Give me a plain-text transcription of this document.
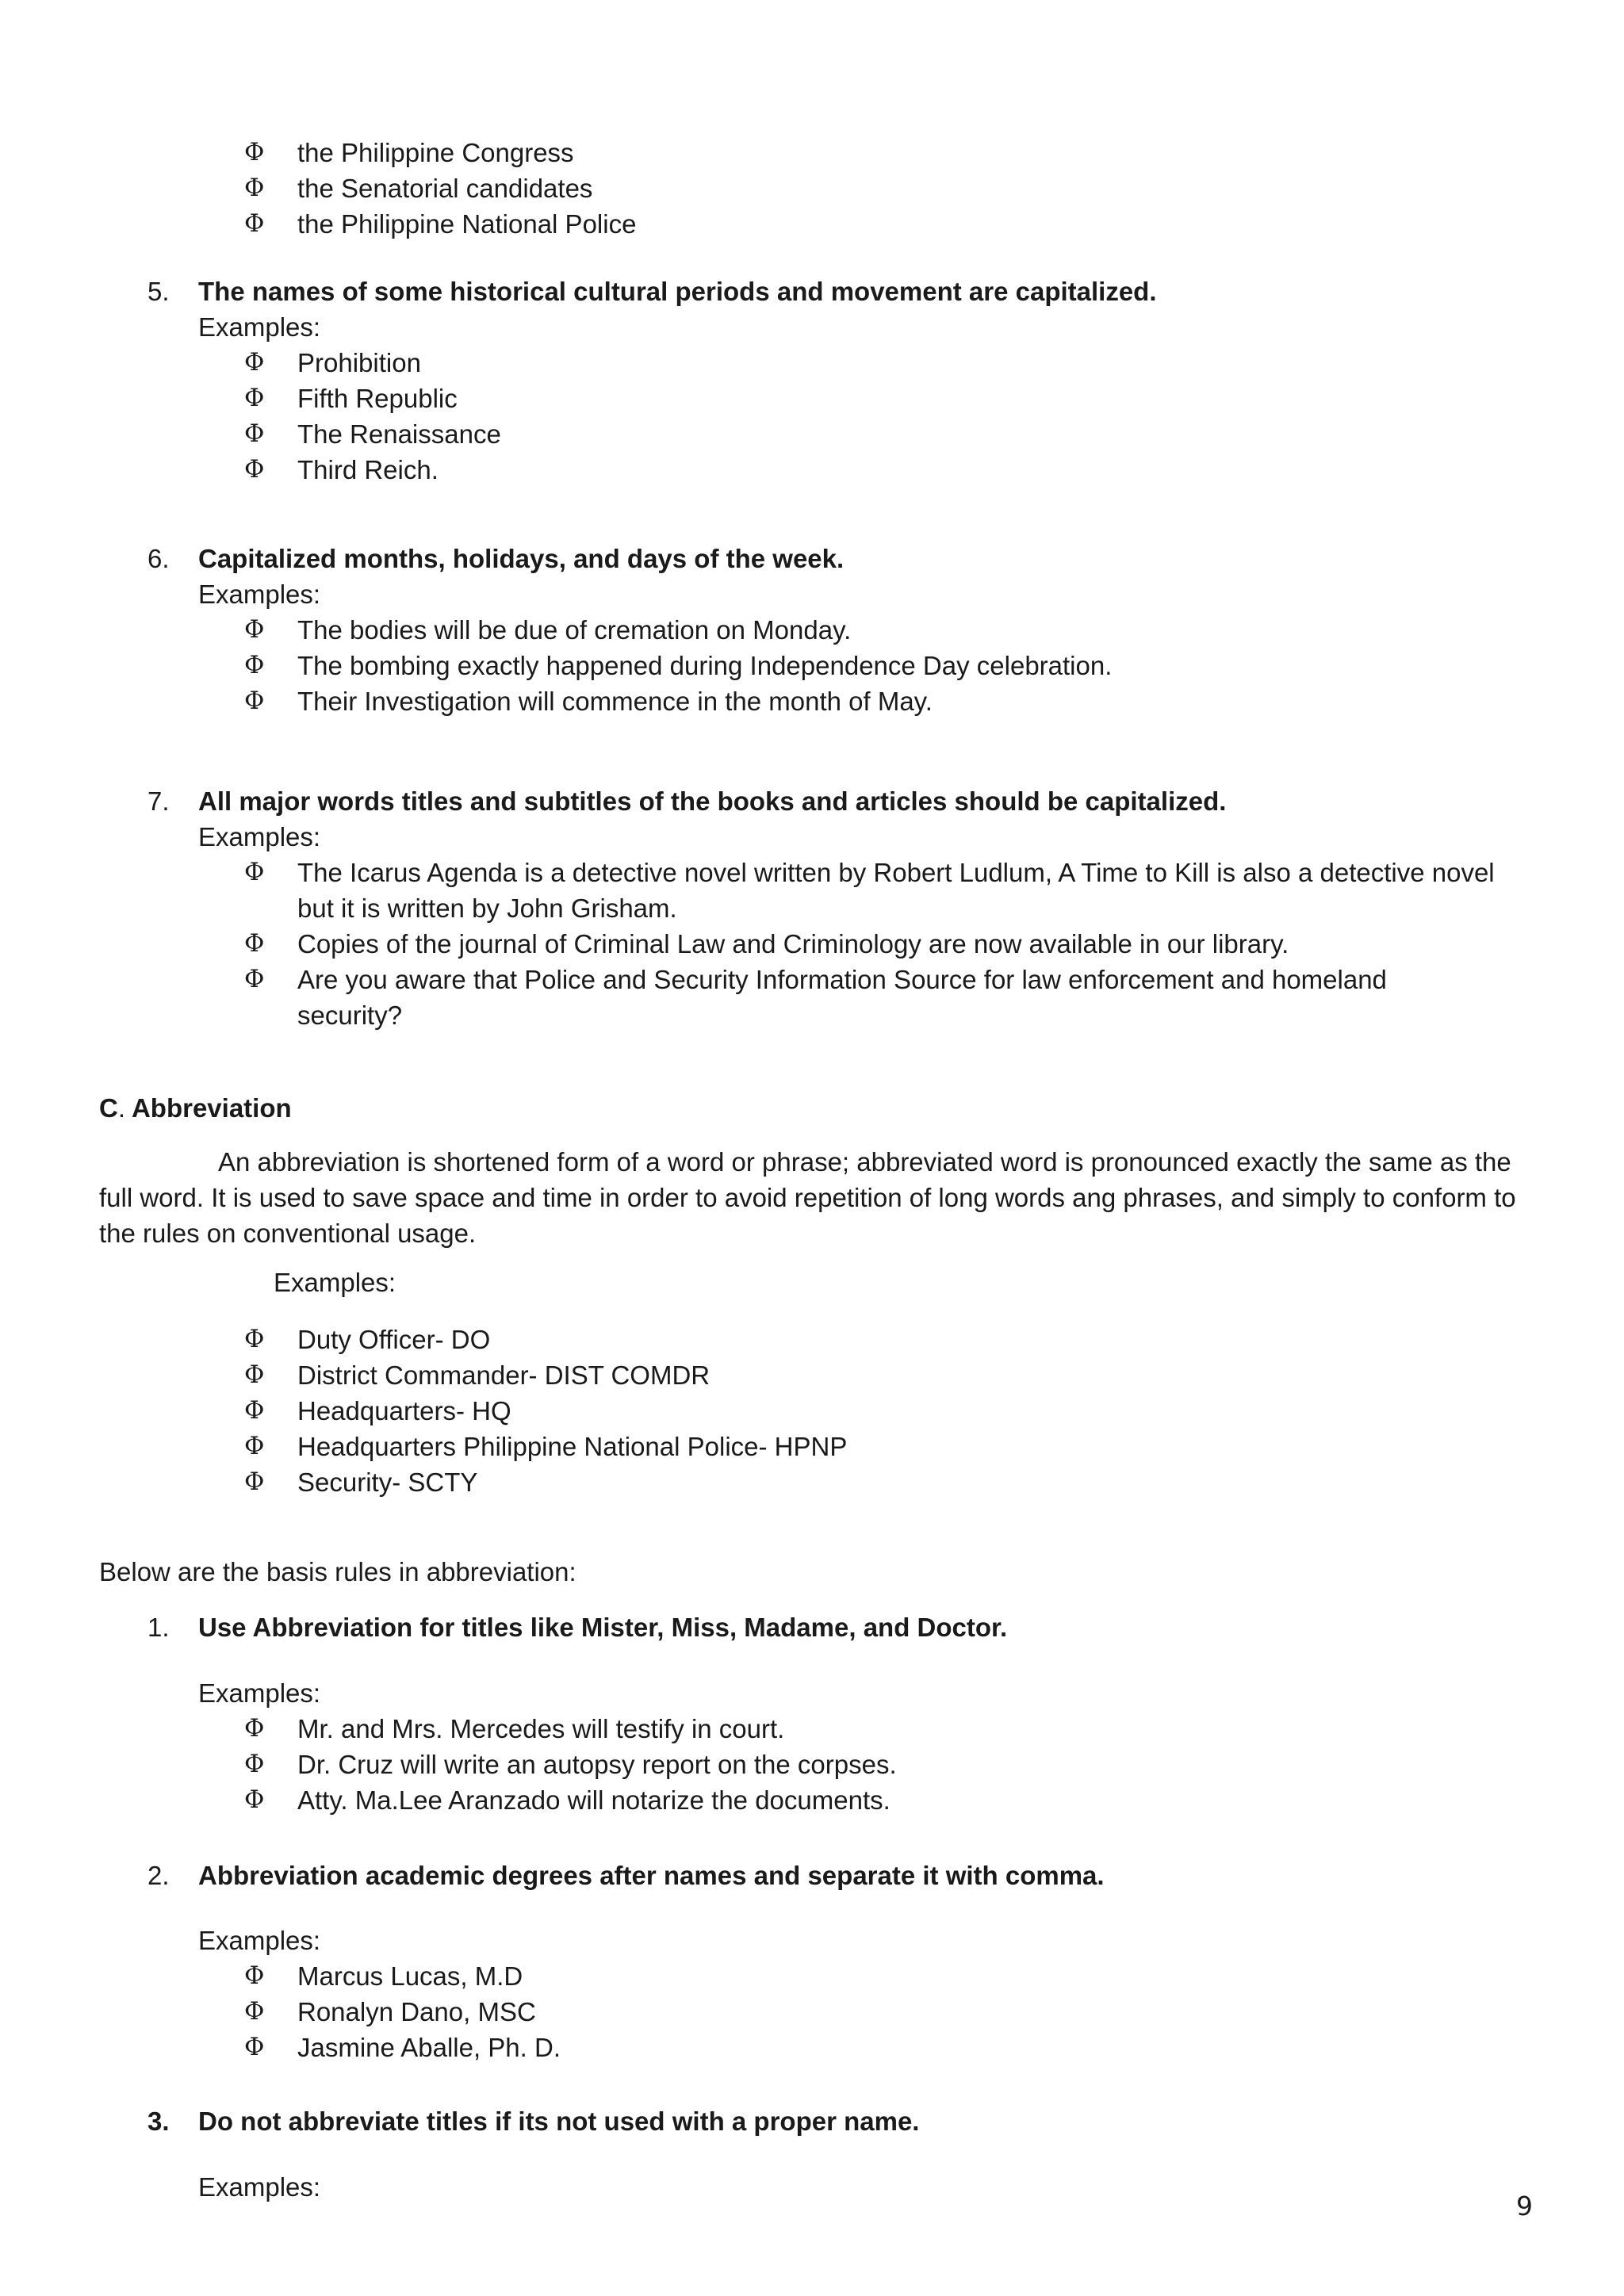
Φ the Philippine Congress
Φ the Senatorial candidates
Φ the Philippine National Police
5. The names of some historical cultural periods and movement are capitalized.
Examples:
Φ Prohibition
Φ Fifth Republic
Φ The Renaissance
Φ Third Reich.
6. Capitalized months, holidays, and days of the week.
Examples:
Φ The bodies will be due of cremation on Monday.
Φ The bombing exactly happened during Independence Day celebration.
Φ Their Investigation will commence in the month of May.
7. All major words titles and subtitles of the books and articles should be capitalized.
Examples:
Φ The Icarus Agenda is a detective novel written by Robert Ludlum, A Time to Kill is also a detective novel but it is written by John Grisham.
Φ Copies of the journal of Criminal Law and Criminology are now available in our library.
Φ Are you aware that Police and Security Information Source for law enforcement and homeland security?
C. Abbreviation

An abbreviation is shortened form of a word or phrase; abbreviated word is pronounced exactly the same as the full word. It is used to save space and time in order to avoid repetition of long words ang phrases, and simply to conform to the rules on conventional usage.

Examples:
Φ Duty Officer- DO
Φ District Commander- DIST COMDR
Φ Headquarters- HQ
Φ Headquarters Philippine National Police- HPNP
Φ Security- SCTY
Below are the basis rules in abbreviation:
1. Use Abbreviation for titles like Mister, Miss, Madame, and Doctor.
Examples:
Φ Mr. and Mrs. Mercedes will testify in court.
Φ Dr. Cruz will write an autopsy report on the corpses.
Φ Atty. Ma.Lee Aranzado will notarize the documents.
2. Abbreviation academic degrees after names and separate it with comma.
Examples:
Φ Marcus Lucas, M.D
Φ Ronalyn Dano, MSC
Φ Jasmine Aballe, Ph. D.
3. Do not abbreviate titles if its not used with a proper name.
Examples:
9
